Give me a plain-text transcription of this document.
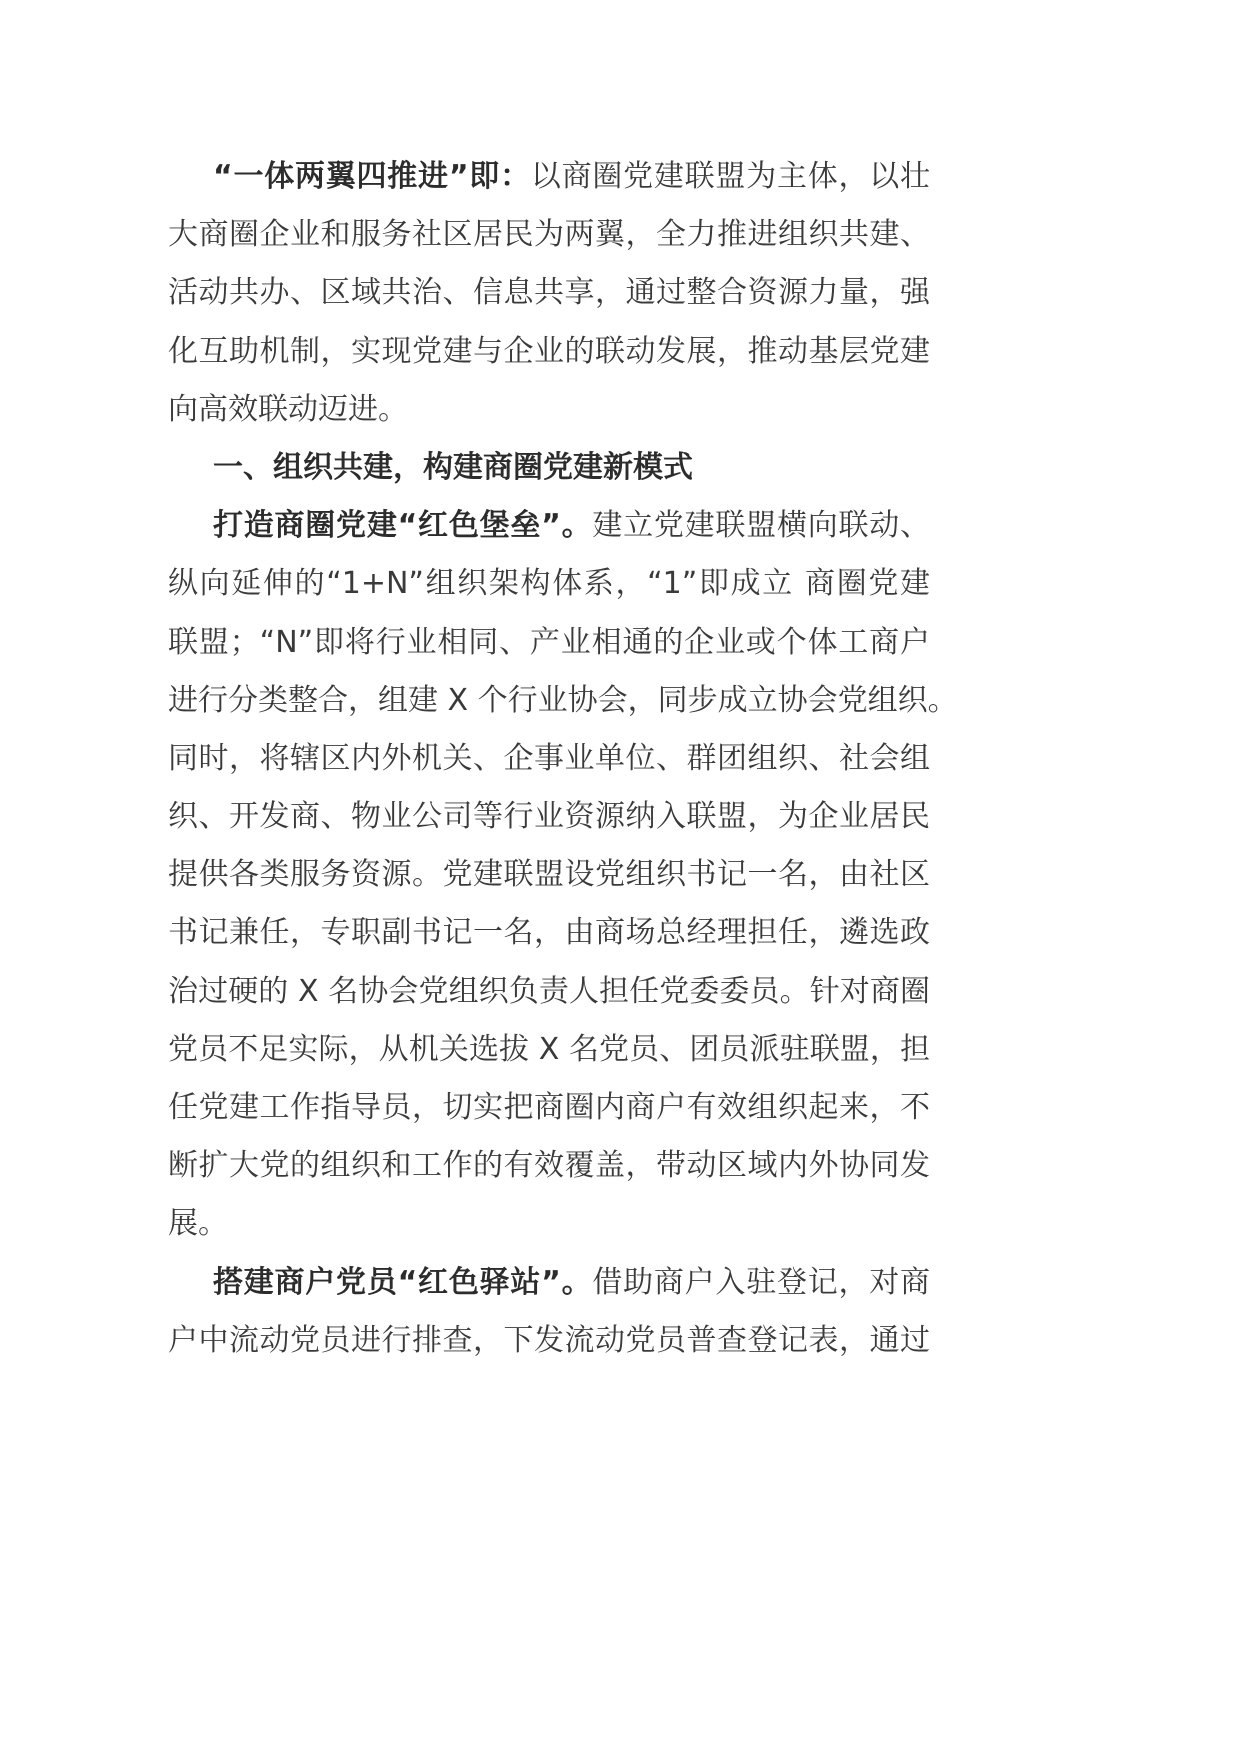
“一体两翼四推进”即：以商圈党建联盟为主体，以壮
大商圈企业和服务社区居民为两翼，全力推进组织共建、
活动共办、区域共治、信息共享，通过整合资源力量，强
化互助机制，实现党建与企业的联动发展，推动基层党建
向高效联动迈进。
一、组织共建，构建商圈党建新模式
打造商圈党建“红色堡垒”。建立党建联盟横向联动、
纵向延伸的“1+N”组织架构体系，“1”即成立 商圈党建
联盟；“N”即将行业相同、产业相通的企业或个体工商户
进行分类整合，组建 X 个行业协会，同步成立协会党组织。
同时，将辖区内外机关、企事业单位、群团组织、社会组
织、开发商、物业公司等行业资源纳入联盟，为企业居民
提供各类服务资源。党建联盟设党组织书记一名，由社区
书记兼任，专职副书记一名，由商场总经理担任，遴选政
治过硬的 X 名协会党组织负责人担任党委委员。针对商圈
党员不足实际，从机关选拔 X 名党员、团员派驻联盟，担
任党建工作指导员，切实把商圈内商户有效组织起来，不
断扩大党的组织和工作的有效覆盖，带动区域内外协同发
展。
搭建商户党员“红色驿站”。借助商户入驻登记，对商
户中流动党员进行排查，下发流动党员普查登记表，通过
